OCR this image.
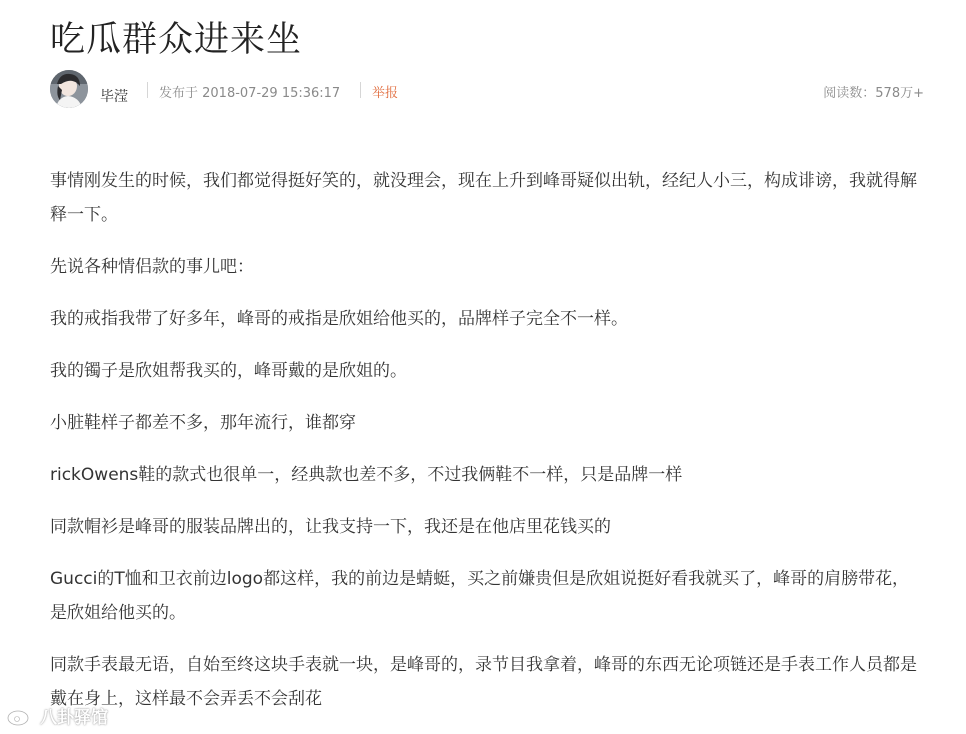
吃瓜群众进来坐
毕滢 发布于 2018-07-29 15:36:17 举报	阅读数：578万+

事情刚发生的时候，我们都觉得挺好笑的，就没理会，现在上升到峰哥疑似出轨，经纪人小三，构成诽谤，我就得解释一下。

先说各种情侣款的事儿吧：

我的戒指我带了好多年，峰哥的戒指是欣姐给他买的，品牌样子完全不一样。

我的镯子是欣姐帮我买的，峰哥戴的是欣姐的。

小脏鞋样子都差不多，那年流行，谁都穿

rickOwens鞋的款式也很单一，经典款也差不多，不过我俩鞋不一样，只是品牌一样

同款帽衫是峰哥的服装品牌出的，让我支持一下，我还是在他店里花钱买的

Gucci的T恤和卫衣前边logo都这样，我的前边是蜻蜓，买之前嫌贵但是欣姐说挺好看我就买了，峰哥的肩膀带花，是欣姐给他买的。

同款手表最无语，自始至终这块手表就一块，是峰哥的，录节目我拿着，峰哥的东西无论项链还是手表工作人员都是戴在身上，这样最不会弄丢不会刮花

八卦驿馆
